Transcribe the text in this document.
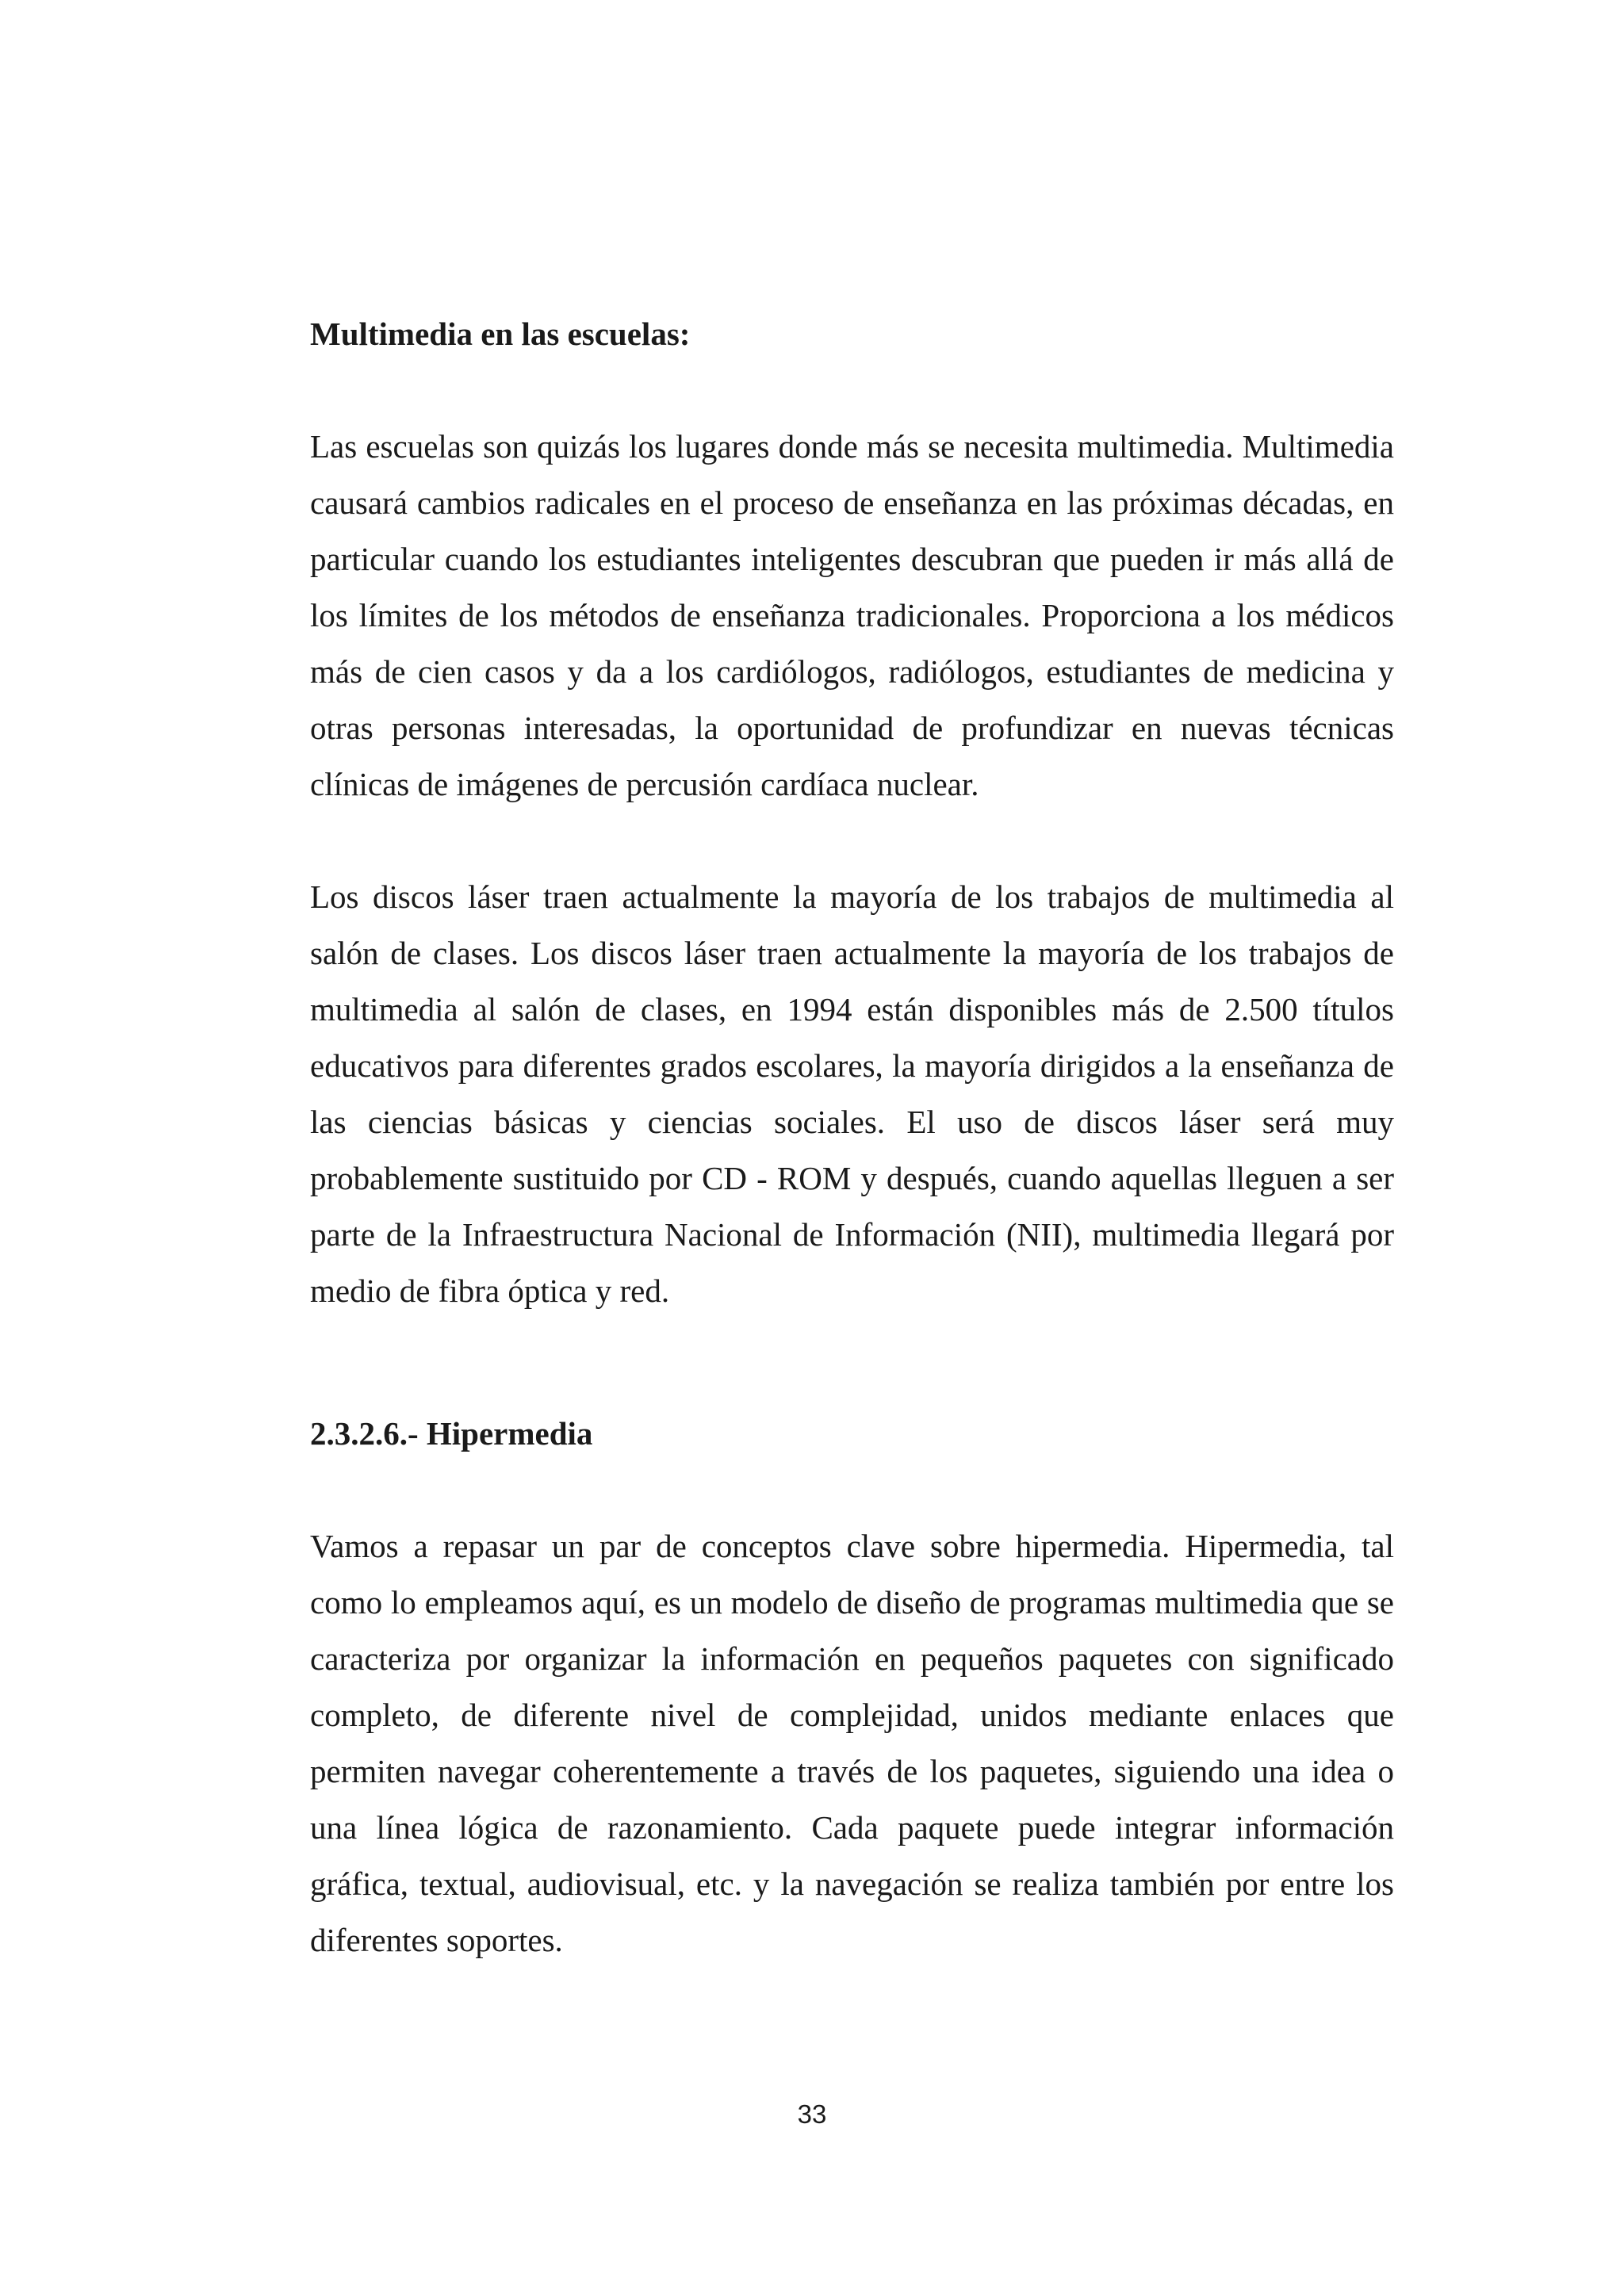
Multimedia en las escuelas:

Las escuelas son quizás los lugares donde más se necesita multimedia. Multimedia causará cambios radicales en el proceso de enseñanza en las próximas décadas, en particular cuando los estudiantes inteligentes descubran que pueden ir más allá de los límites de los métodos de enseñanza tradicionales. Proporciona a los médicos más de cien casos y da a los cardiólogos, radiólogos, estudiantes de medicina y otras personas interesadas, la oportunidad de profundizar en nuevas técnicas clínicas de imágenes de percusión cardíaca nuclear.

Los discos láser traen actualmente la mayoría de los trabajos de multimedia al salón de clases. Los discos láser traen actualmente la mayoría de los trabajos de multimedia al salón de clases, en 1994 están disponibles más de 2.500 títulos educativos para diferentes grados escolares, la mayoría dirigidos a la enseñanza de las ciencias básicas y ciencias sociales. El uso de discos láser será muy probablemente sustituido por CD - ROM y después, cuando aquellas lleguen a ser parte de la Infraestructura Nacional de Información (NII), multimedia llegará por medio de fibra óptica y red.

2.3.2.6.- Hipermedia

Vamos a repasar un par de conceptos clave sobre hipermedia. Hipermedia, tal como lo empleamos aquí, es un modelo de diseño de programas multimedia que se caracteriza por organizar la información en pequeños paquetes con significado completo, de diferente nivel de complejidad, unidos mediante enlaces que permiten navegar coherentemente a través de los paquetes, siguiendo una idea o una línea lógica de razonamiento. Cada paquete puede integrar información gráfica, textual, audiovisual, etc. y la navegación se realiza también por entre los diferentes soportes.

33
